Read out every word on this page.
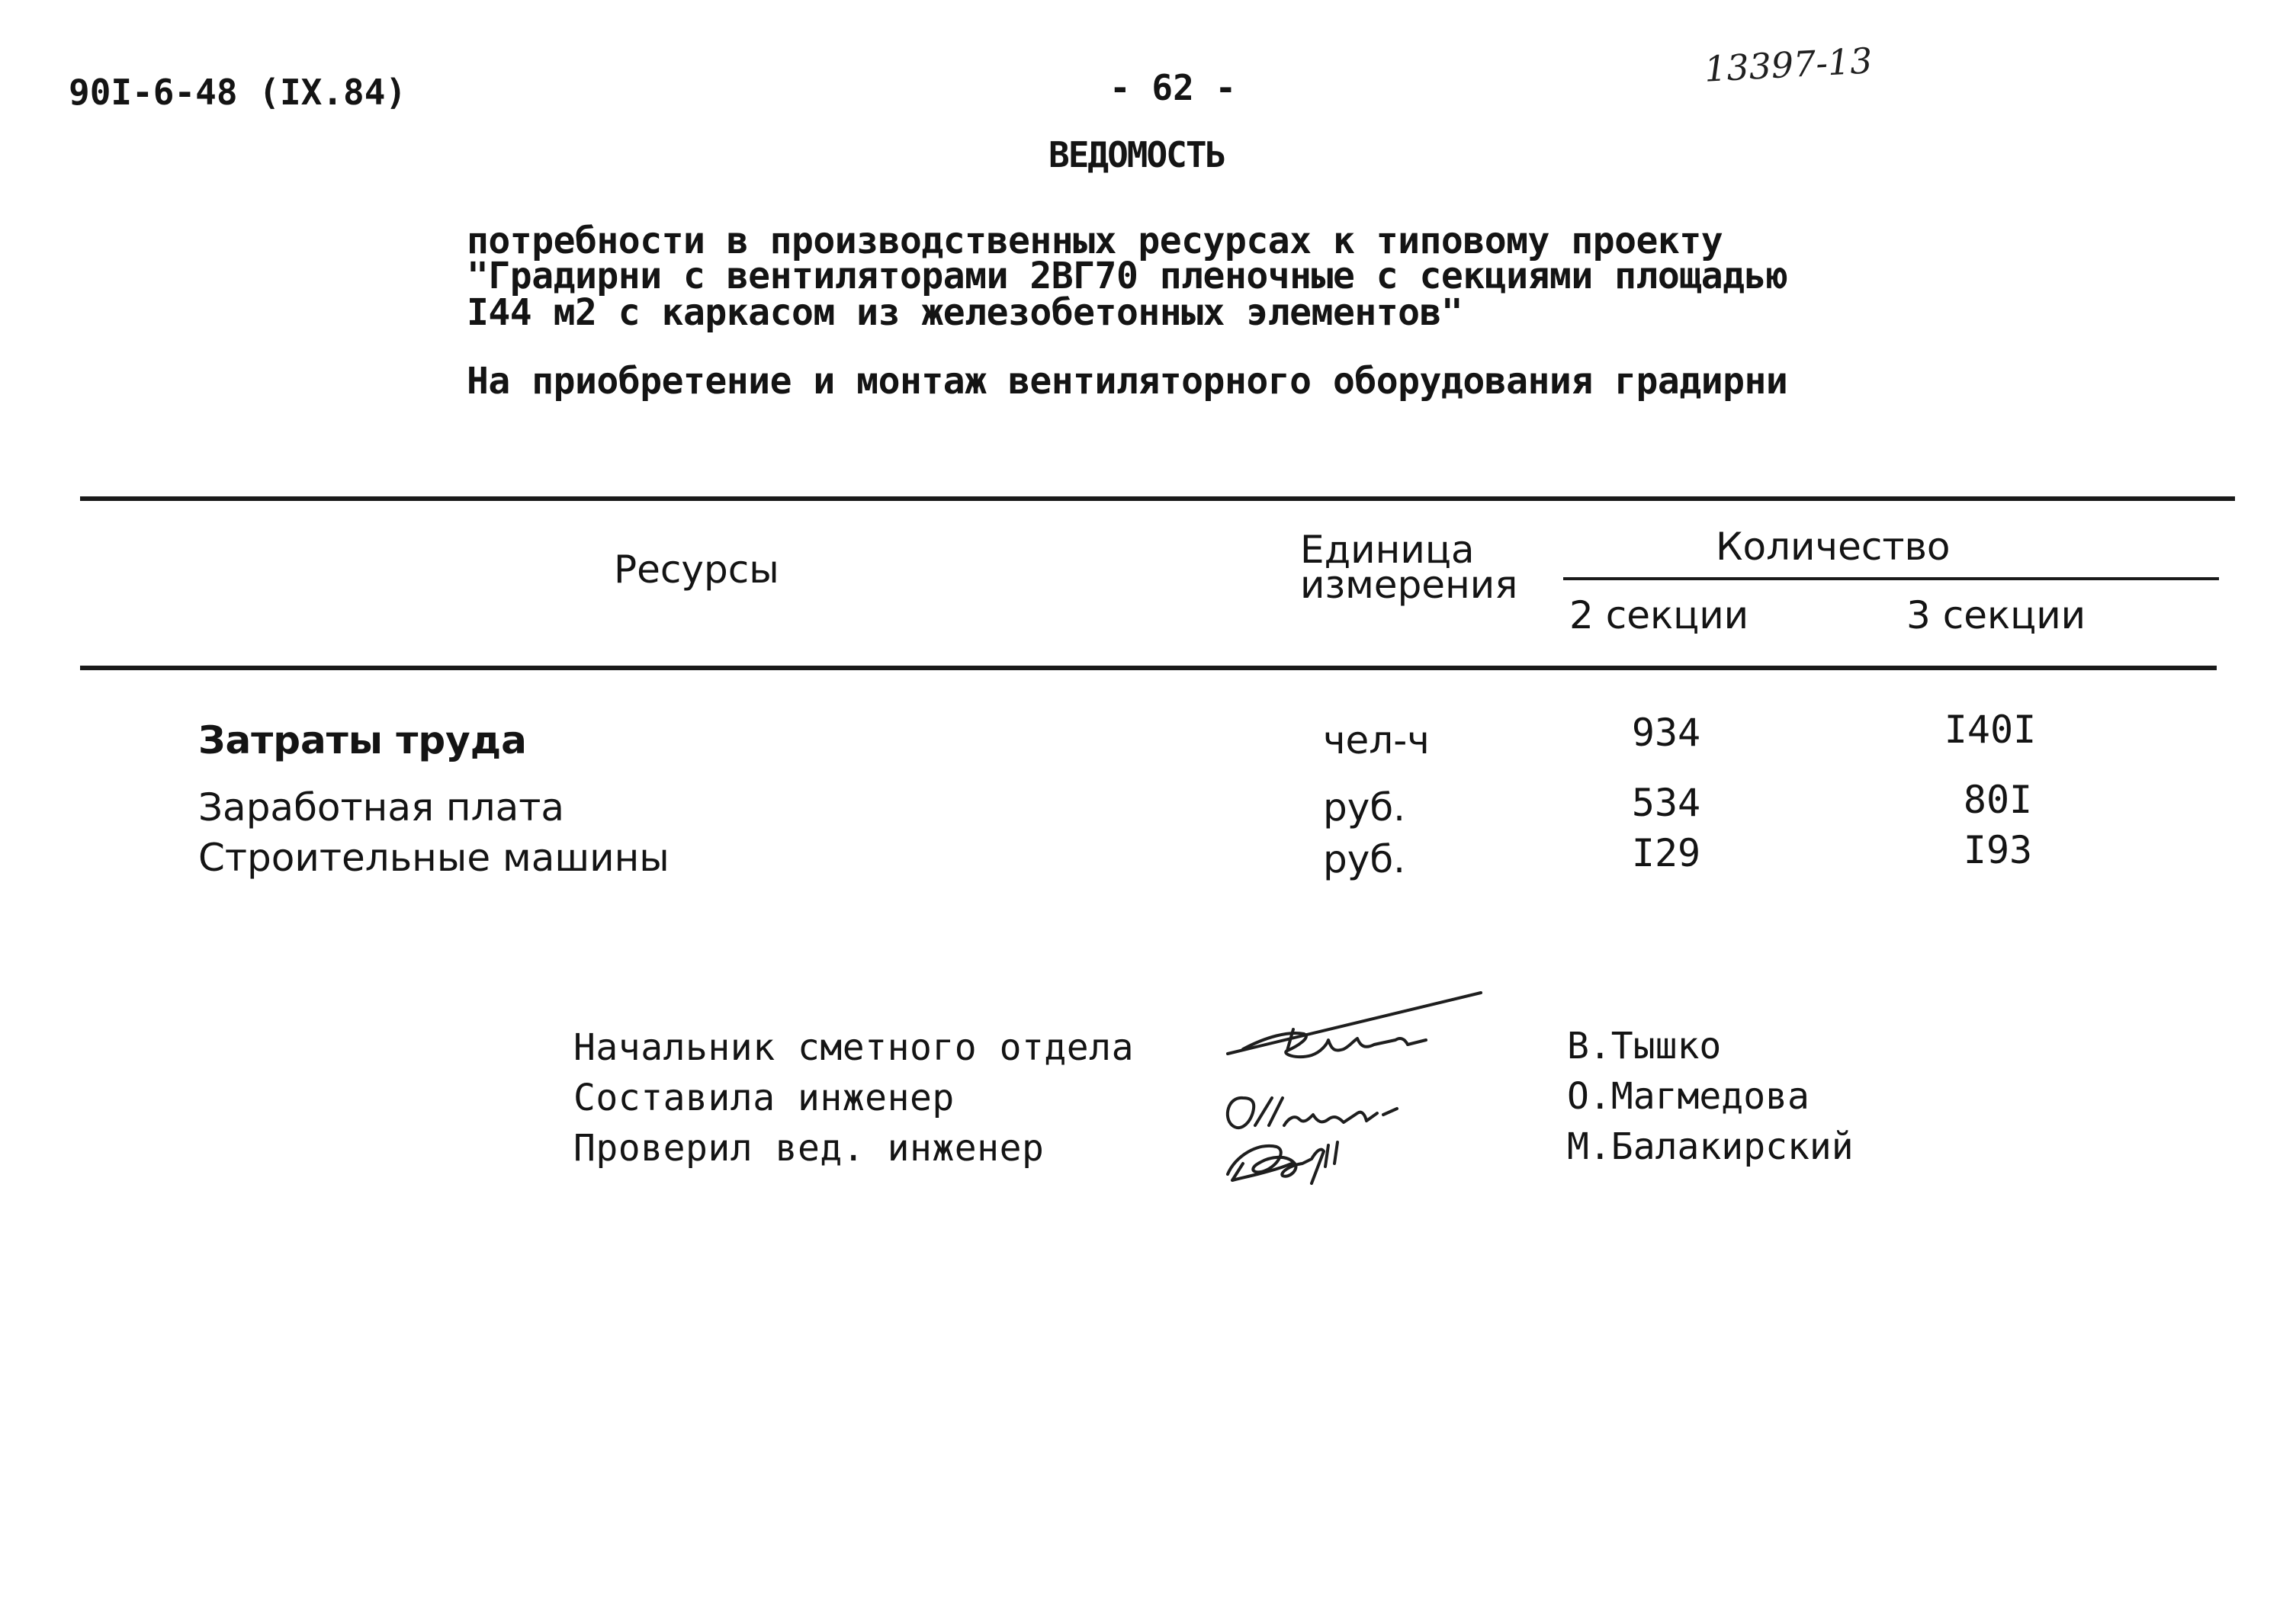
90I-6-48 (IX.84)	- 62 -	13397-13
ВЕДОМОСТЬ
потребности в производственных ресурсах к типовому проекту
"Градирни с вентиляторами 2ВГ70 пленочные с секциями площадью
I44 м2 с каркасом из железобетонных элементов"
На приобретение и монтаж вентиляторного оборудования градирни
Ресурсы	Единица
измерения
Количество
2 секции	3 секции
Затраты труда	чел-ч	934	I40I
Заработная плата	руб.	534	80I
Строительные машины	руб.	I29	I93
Начальник сметного отдела
Составила инженер
Проверил вед. инженер
В.Тышко
О.Магмедова
М.Балакирский
